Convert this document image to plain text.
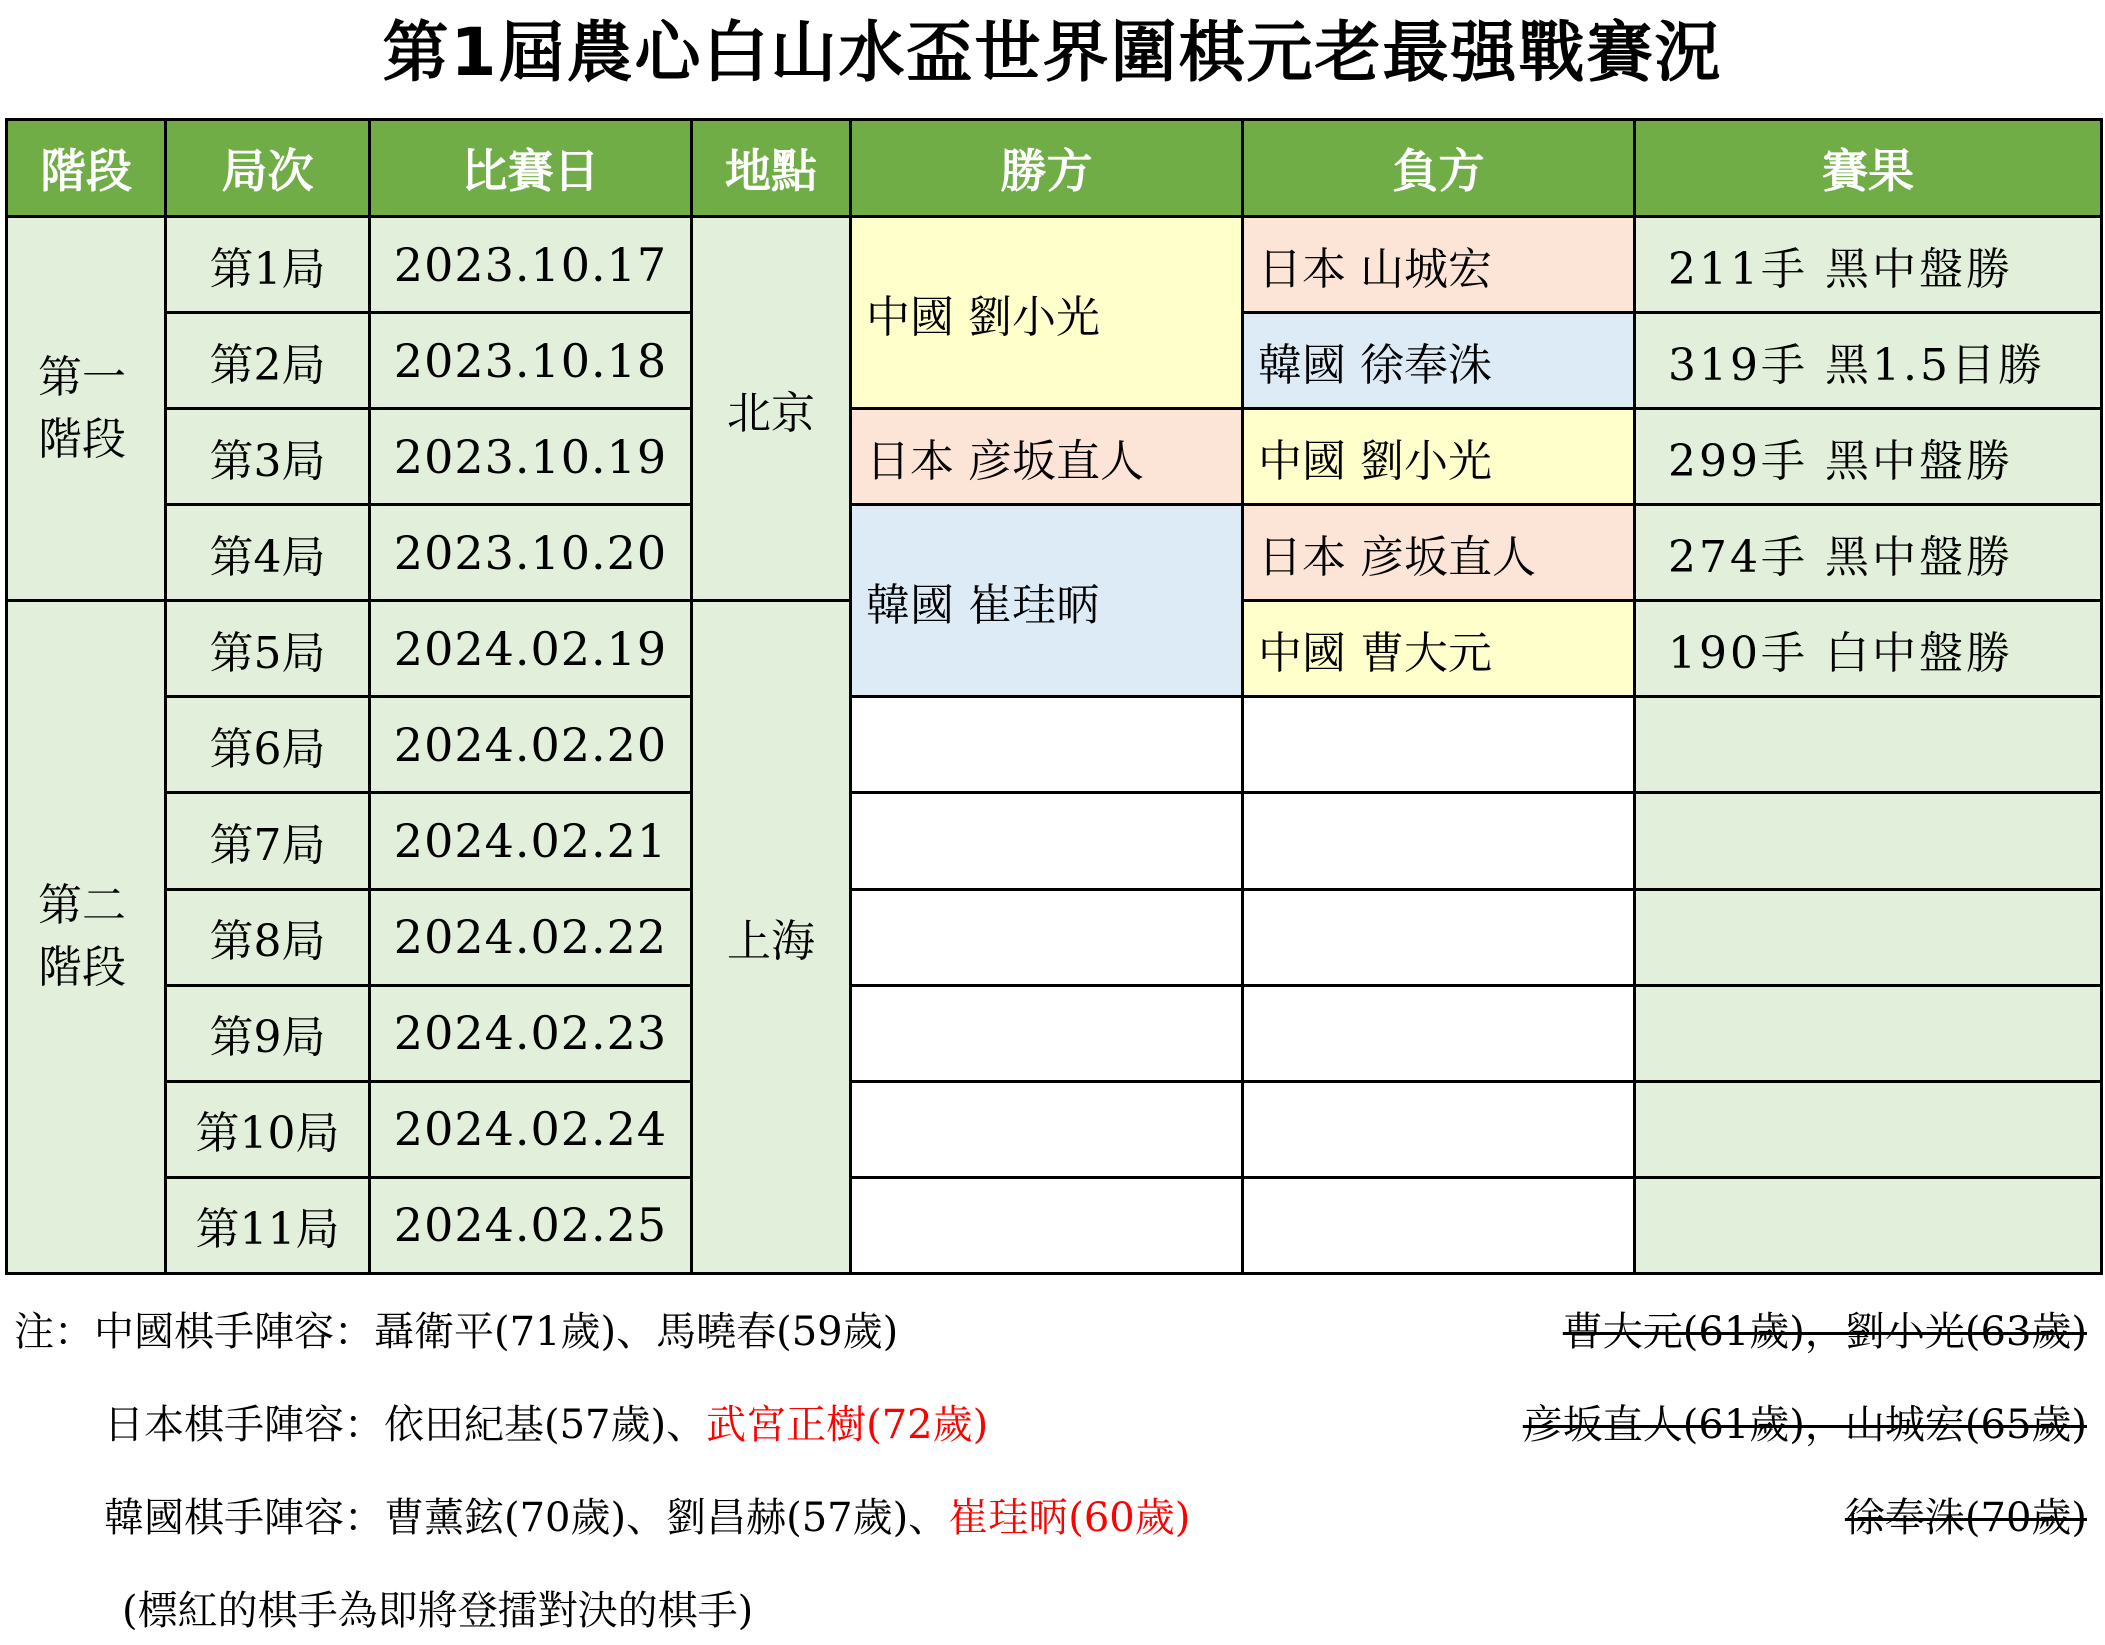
第1屆農心白山水盃世界圍棋元老最强戰賽況
階段	局次	比賽日	地點	勝方	負方	賽果

第一
階段	第1局	2023.10.17	北京	中國 劉小光	日本 山城宏	211手 黑中盤勝
	第2局	2023.10.18			韓國 徐奉洙	319手 黑1.5目勝
	第3局	2023.10.19		日本 彦坂直人	中國 劉小光	299手 黑中盤勝
	第4局	2023.10.20		韓國 崔珪昞	日本 彦坂直人	274手 黑中盤勝

第二
階段	第5局	2024.02.19	上海		中國 曹大元	190手 白中盤勝
	第6局	2024.02.20				
	第7局	2024.02.21				
	第8局	2024.02.22				
	第9局	2024.02.23				
	第10局	2024.02.24				
	第11局	2024.02.25				
注：中國棋手陣容：聶衛平(71歲)、馬曉春(59歲)	曹大元(61歲)，劉小光(63歲)
日本棋手陣容：依田紀基(57歲)、武宮正樹(72歲)	彦坂直人(61歲)，山城宏(65歲)
韓國棋手陣容：曹薰鉉(70歲)、劉昌赫(57歲)、崔珪昞(60歲)	徐奉洙(70歲)
(標紅的棋手為即將登擂對決的棋手)
